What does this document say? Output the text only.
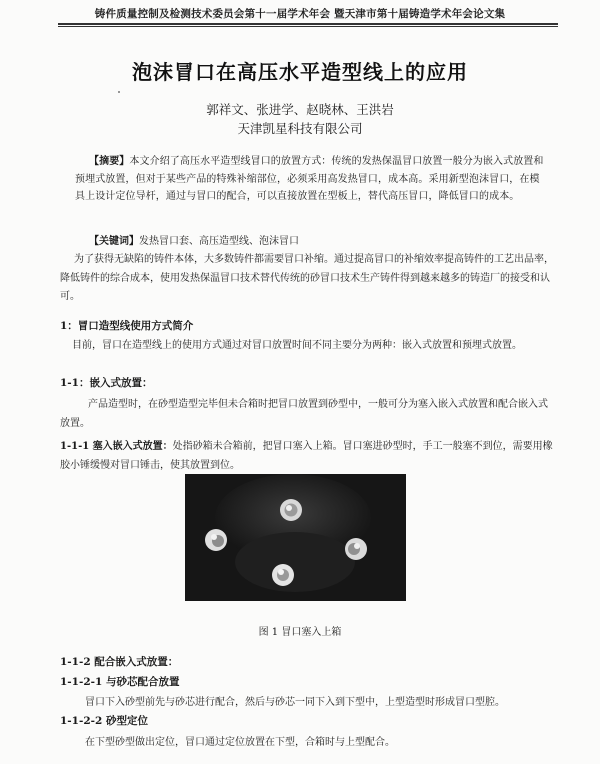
铸件质量控制及检测技术委员会第十一届学术年会 暨天津市第十届铸造学术年会论文集
泡沫冒口在高压水平造型线上的应用
郭祥文、张进学、赵晓林、王洪岩
天津凯星科技有限公司
【摘要】本文介绍了高压水平造型线冒口的放置方式：传统的发热保温冒口放置一般分为嵌入式放置和预埋式放置，但对于某些产品的特殊补缩部位，必须采用高发热冒口，成本高。采用新型泡沫冒口，在模具上设计定位导杆，通过与冒口的配合，可以直接放置在型板上，替代高压冒口，降低冒口的成本。
【关键词】发热冒口套、高压造型线、泡沫冒口
为了获得无缺陷的铸件本体，大多数铸件都需要冒口补缩。通过提高冒口的补缩效率提高铸件的工艺出品率，降低铸件的综合成本，使用发热保温冒口技术替代传统的砂冒口技术生产铸件得到越来越多的铸造厂的接受和认可。
1：冒口造型线使用方式简介
目前，冒口在造型线上的使用方式通过对冒口放置时间不同主要分为两种：嵌入式放置和预埋式放置。
1-1：嵌入式放置：
产品造型时，在砂型造型完毕但未合箱时把冒口放置到砂型中，一般可分为塞入嵌入式放置和配合嵌入式放置。
1-1-1 塞入嵌入式放置：处指砂箱未合箱前，把冒口塞入上箱。冒口塞进砂型时，手工一般塞不到位，需要用橡胶小锤缓慢对冒口锤击，使其放置到位。
图 1 冒口塞入上箱
1-1-2 配合嵌入式放置：
1-1-2-1 与砂芯配合放置
冒口下入砂型前先与砂芯进行配合，然后与砂芯一同下入到下型中，上型造型时形成冒口型腔。
1-1-2-2 砂型定位
在下型砂型做出定位，冒口通过定位放置在下型，合箱时与上型配合。
